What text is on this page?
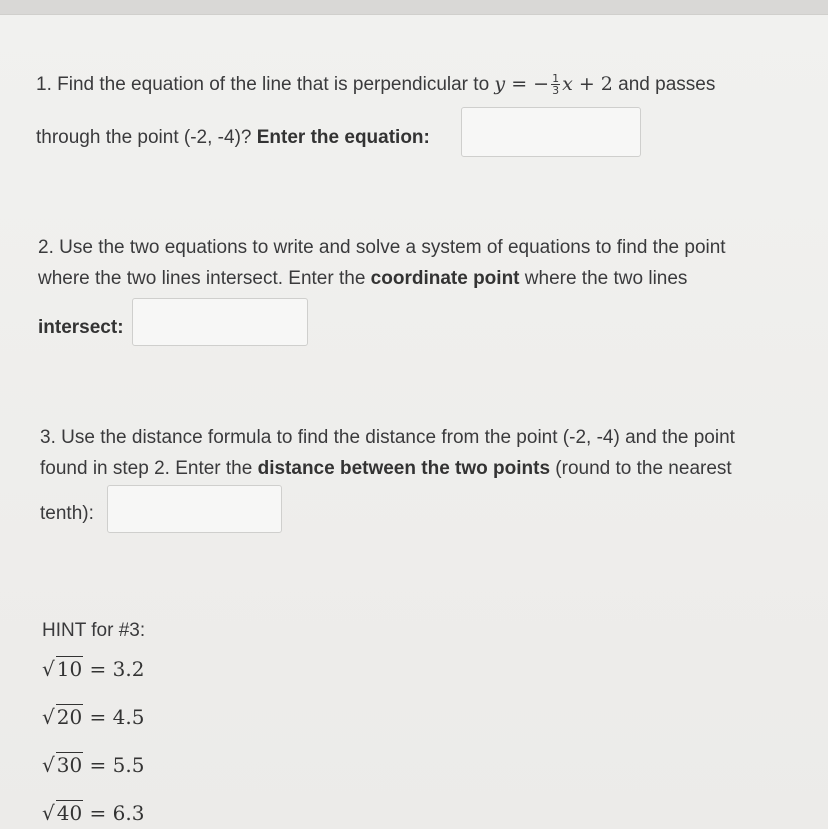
1. Find the equation of the line that is perpendicular to y = − $\frac{1}{3}$ x + 2 and passes
through the point (-2, -4)? Enter the equation:
2. Use the two equations to write and solve a system of equations to find the point
where the two lines intersect. Enter the coordinate point where the two lines
intersect:
3. Use the distance formula to find the distance from the point (-2, -4) and the point
found in step 2. Enter the distance between the two points (round to the nearest
tenth):
HINT for #3:
√ 10 = 3.2
√ 20 = 4.5
√ 30 = 5.5
√ 40 = 6.3
